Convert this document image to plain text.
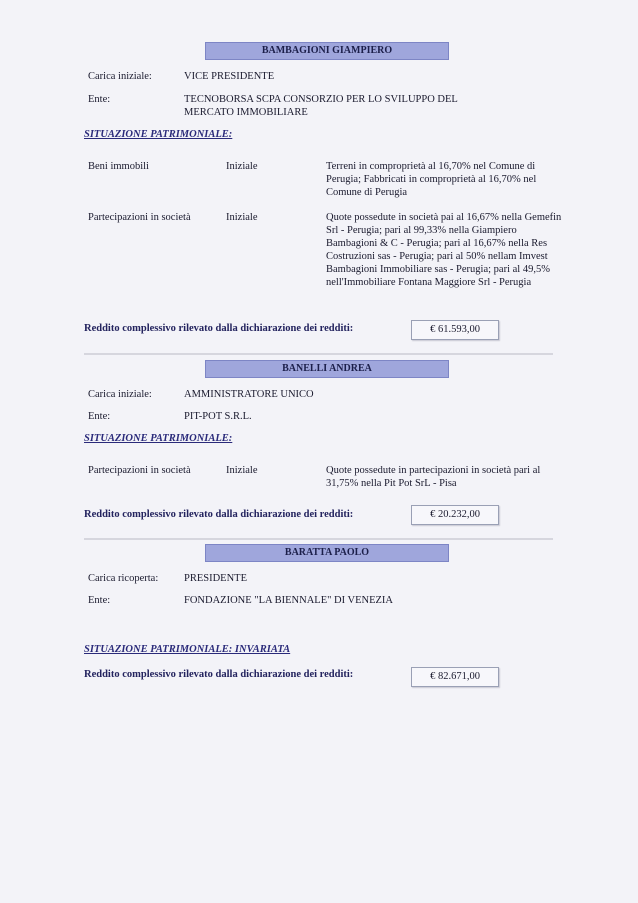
BAMBAGIONI GIAMPIERO
Carica iniziale:	VICE PRESIDENTE
Ente:	TECNOBORSA SCPA CONSORZIO PER LO SVILUPPO DEL MERCATO IMMOBILIARE
SITUAZIONE PATRIMONIALE:
Beni immobili	Iniziale	Terreni in comproprietà al 16,70% nel Comune di Perugia; Fabbricati in comproprietà al 16,70% nel Comune di Perugia
Partecipazioni in società	Iniziale	Quote possedute in società pai al 16,67% nella Gemefin Srl - Perugia; pari al 99,33% nella Giampiero Bambagioni & C - Perugia; pari al 16,67% nella Res Costruzioni sas - Perugia; pari al 50% nellam Imvest Bambagioni Immobiliare sas - Perugia; pari al 49,5% nell'Immobiliare Fontana Maggiore Srl - Perugia
Reddito complessivo rilevato dalla dichiarazione dei redditi:	€ 61.593,00
BANELLI ANDREA
Carica iniziale:	AMMINISTRATORE UNICO
Ente:	PIT-POT S.R.L.
SITUAZIONE PATRIMONIALE:
Partecipazioni in società	Iniziale	Quote possedute in partecipazioni in società pari al 31,75% nella Pit Pot SrL - Pisa
Reddito complessivo rilevato dalla dichiarazione dei redditi:	€ 20.232,00
BARATTA PAOLO
Carica ricoperta: PRESIDENTE
Ente:	FONDAZIONE "LA BIENNALE" DI VENEZIA
SITUAZIONE PATRIMONIALE: INVARIATA
Reddito complessivo rilevato dalla dichiarazione dei redditi:	€ 82.671,00
